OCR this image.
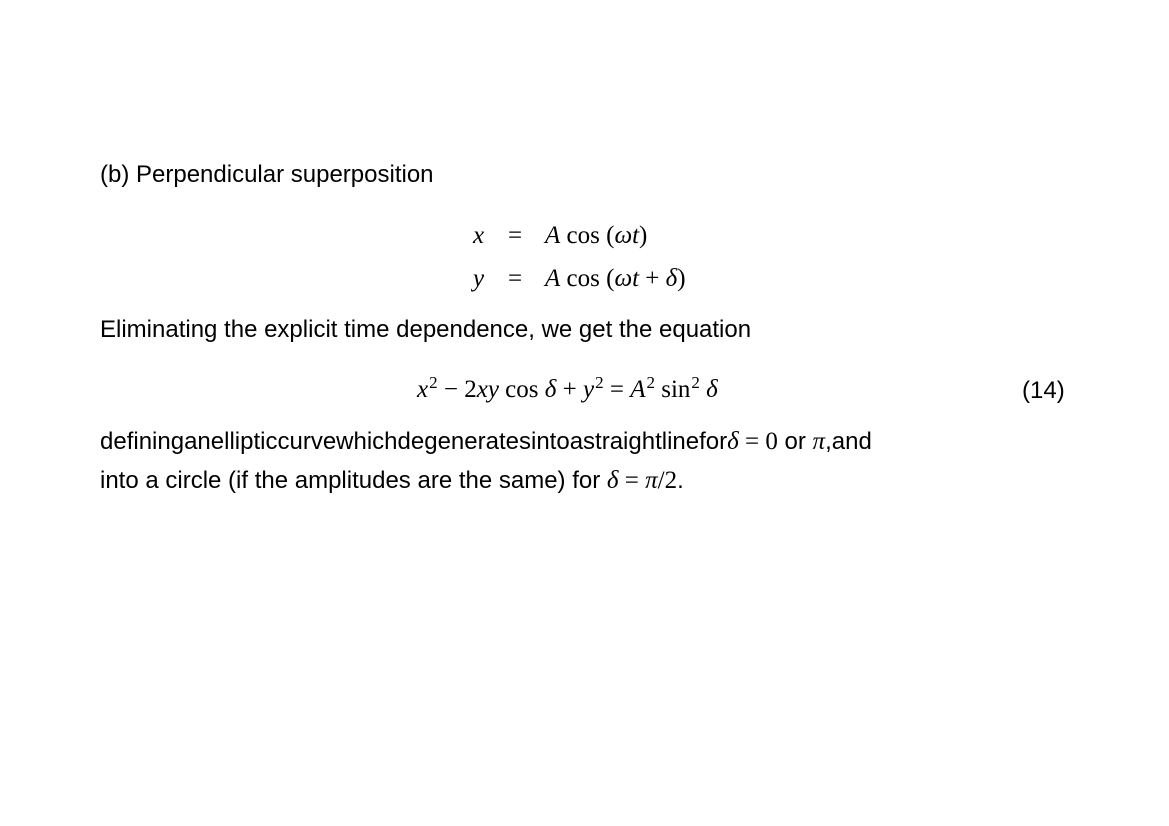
(b) Perpendicular superposition
x = A cos (ωt)
y = A cos (ωt + δ)
Eliminating the explicit time dependence, we get the equation
$x^2 - 2xy$ $\cos \delta + y^2 = A^2$ $\sin^2 \delta$	(14)
defininganellipticcurvewhichdegeneratesintoastraightlineforδ = 0 or π,and
into a circle (if the amplitudes are the same) for δ = π/2.
